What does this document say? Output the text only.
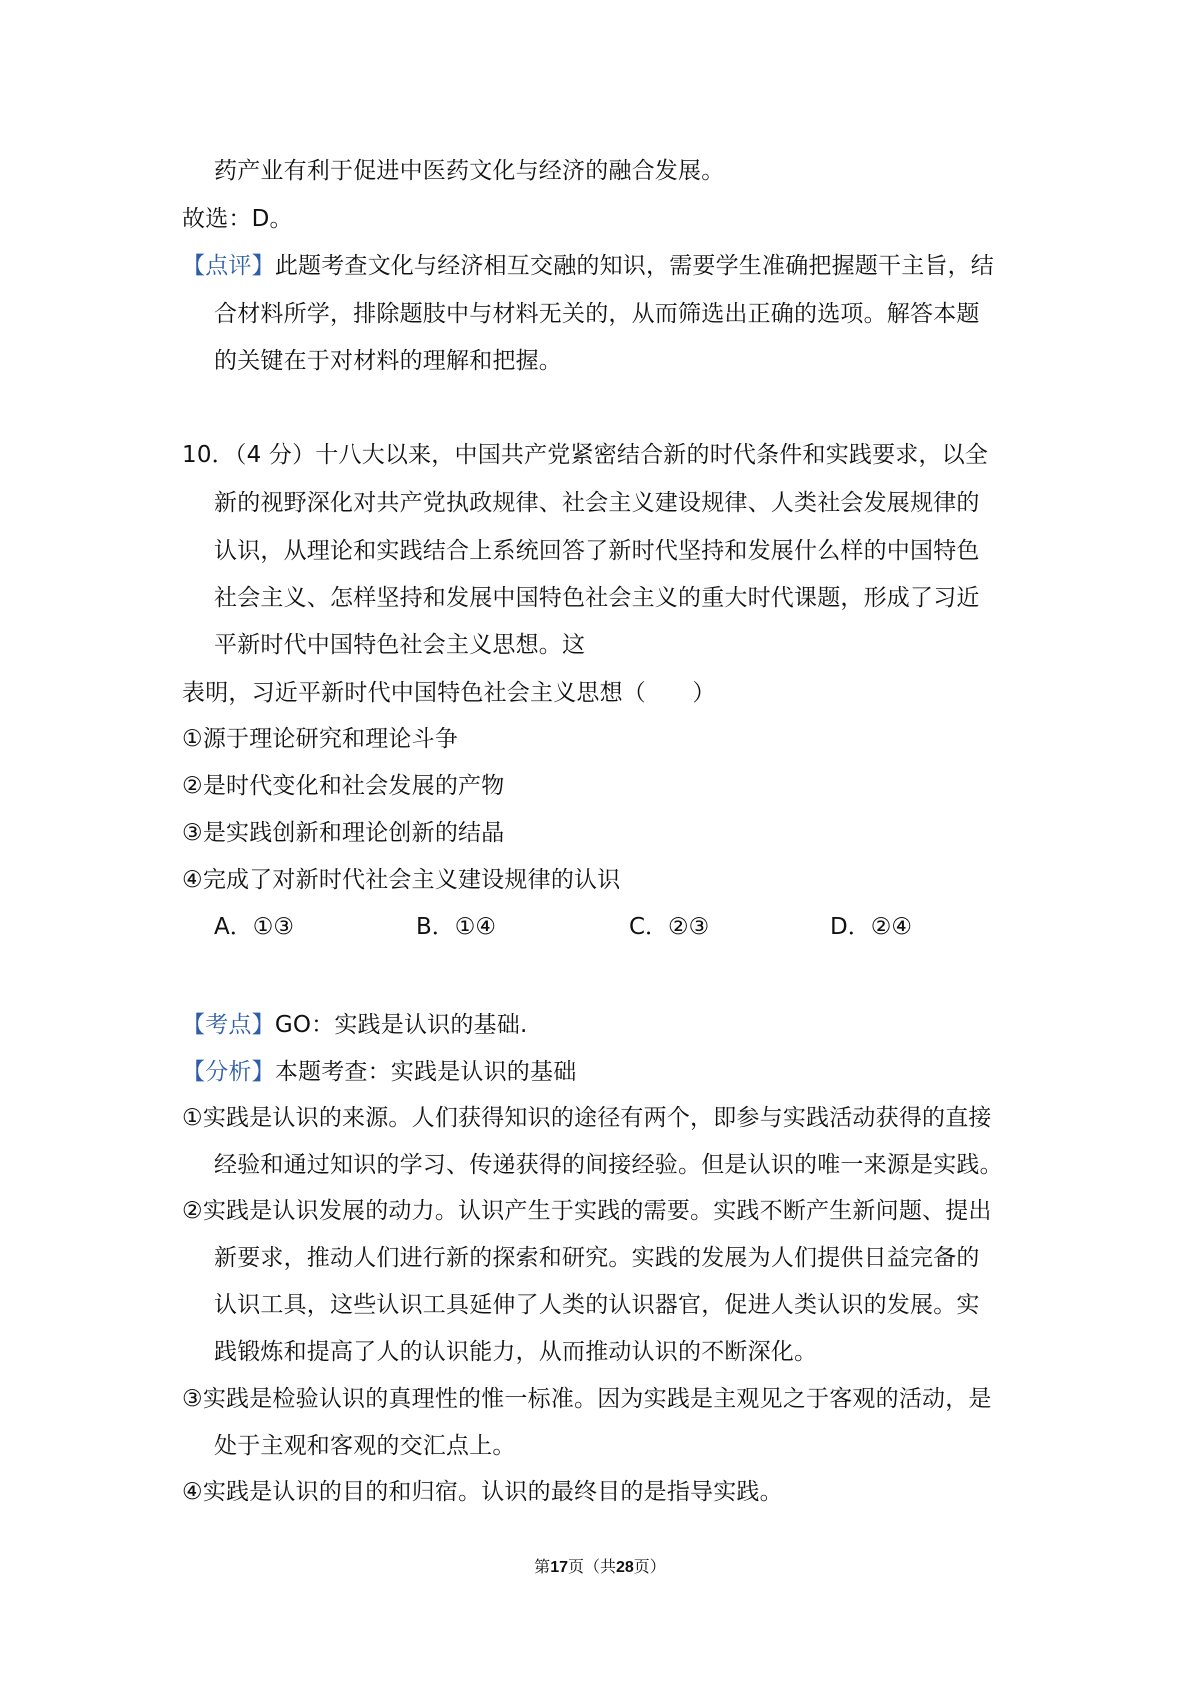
药产业有利于促进中医药文化与经济的融合发展。
故选：D。
【点评】此题考查文化与经济相互交融的知识，需要学生准确把握题干主旨，结
合材料所学，排除题肢中与材料无关的，从而筛选出正确的选项。解答本题
的关键在于对材料的理解和把握。
10．（4 分）十八大以来，中国共产党紧密结合新的时代条件和实践要求，以全
新的视野深化对共产党执政规律、社会主义建设规律、人类社会发展规律的
认识，从理论和实践结合上系统回答了新时代坚持和发展什么样的中国特色
社会主义、怎样坚持和发展中国特色社会主义的重大时代课题，形成了习近
平新时代中国特色社会主义思想。这
表明，习近平新时代中国特色社会主义思想（　　）
①源于理论研究和理论斗争
②是时代变化和社会发展的产物
③是实践创新和理论创新的结晶
④完成了对新时代社会主义建设规律的认识
A．①③	B．①④	C．②③	D．②④
【考点】GO：实践是认识的基础.
【分析】本题考查：实践是认识的基础
①实践是认识的来源。人们获得知识的途径有两个，即参与实践活动获得的直接
经验和通过知识的学习、传递获得的间接经验。但是认识的唯一来源是实践。
②实践是认识发展的动力。认识产生于实践的需要。实践不断产生新问题、提出
新要求，推动人们进行新的探索和研究。实践的发展为人们提供日益完备的
认识工具，这些认识工具延伸了人类的认识器官，促进人类认识的发展。实
践锻炼和提高了人的认识能力，从而推动认识的不断深化。
③实践是检验认识的真理性的惟一标准。因为实践是主观见之于客观的活动，是
处于主观和客观的交汇点上。
④实践是认识的目的和归宿。认识的最终目的是指导实践。
第17页（共28页）
